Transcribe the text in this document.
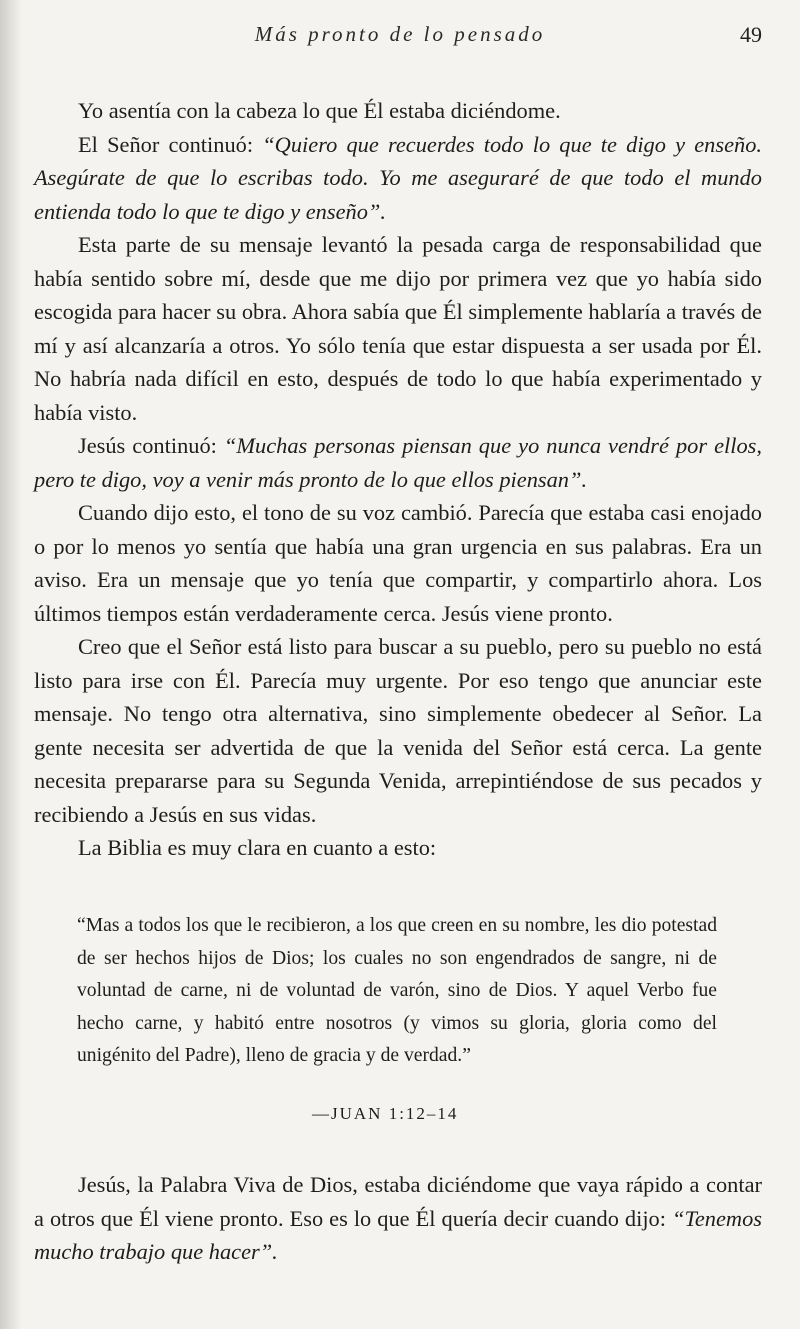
Más pronto de lo pensado	49

Yo asentía con la cabeza lo que Él estaba diciéndome.

El Señor continuó: “Quiero que recuerdes todo lo que te digo y enseño. Asegúrate de que lo escribas todo. Yo me aseguraré de que todo el mundo entienda todo lo que te digo y enseño”.

Esta parte de su mensaje levantó la pesada carga de responsabilidad que había sentido sobre mí, desde que me dijo por primera vez que yo había sido escogida para hacer su obra. Ahora sabía que Él simplemente hablaría a través de mí y así alcanzaría a otros. Yo sólo tenía que estar dispuesta a ser usada por Él. No habría nada difícil en esto, después de todo lo que había experimentado y había visto.

Jesús continuó: “Muchas personas piensan que yo nunca vendré por ellos, pero te digo, voy a venir más pronto de lo que ellos piensan”.

Cuando dijo esto, el tono de su voz cambió. Parecía que estaba casi enojado o por lo menos yo sentía que había una gran urgencia en sus palabras. Era un aviso. Era un mensaje que yo tenía que compartir, y compartirlo ahora. Los últimos tiempos están verdaderamente cerca. Jesús viene pronto.

Creo que el Señor está listo para buscar a su pueblo, pero su pueblo no está listo para irse con Él. Parecía muy urgente. Por eso tengo que anunciar este mensaje. No tengo otra alternativa, sino simplemente obedecer al Señor. La gente necesita ser advertida de que la venida del Señor está cerca. La gente necesita prepararse para su Segunda Venida, arrepintiéndose de sus pecados y recibiendo a Jesús en sus vidas.

La Biblia es muy clara en cuanto a esto:

“Mas a todos los que le recibieron, a los que creen en su nombre, les dio potestad de ser hechos hijos de Dios; los cuales no son engendrados de sangre, ni de voluntad de carne, ni de voluntad de varón, sino de Dios. Y aquel Verbo fue hecho carne, y habitó entre nosotros (y vimos su gloria, gloria como del unigénito del Padre), lleno de gracia y de verdad.”
—JUAN 1:12–14

Jesús, la Palabra Viva de Dios, estaba diciéndome que vaya rápido a contar a otros que Él viene pronto. Eso es lo que Él quería decir cuando dijo: “Tenemos mucho trabajo que hacer”.
